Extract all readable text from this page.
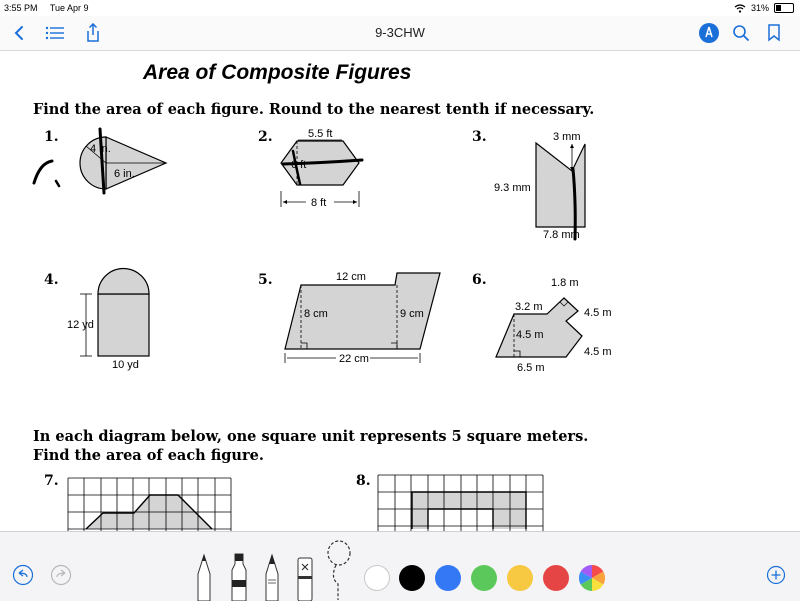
3:55 PM Tue Apr 9	31%
9-3CHW
Area of Composite Figures
Find the area of each figure. Round to the nearest tenth if necessary.
1.	2.	3.
4.	5.	6.
In each diagram below, one square unit represents 5 square meters.
Find the area of each figure.
7.	8.
4 in.
6 in.
5.5 ft
6 ft
8 ft
3 mm
9.3 mm
7.8 mm
12 yd
10 yd
12 cm
8 cm	9 cm
22 cm
1.8 m
3.2 m	4.5 m
4.5 m
4.5 m
6.5 m
